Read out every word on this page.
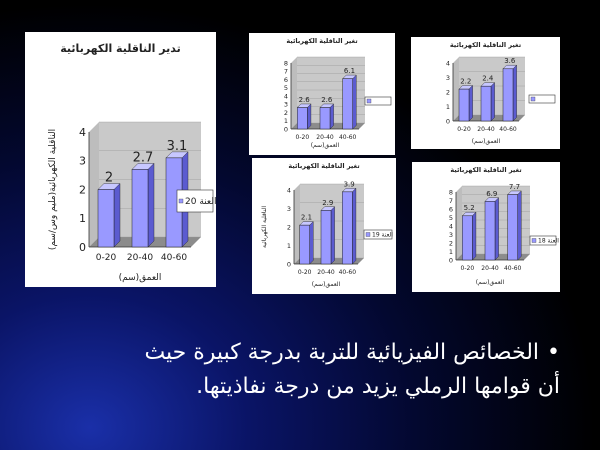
0
1
2
3
4
2
0-20
2.7
20-40
3.1
40-60
تدير الناقلية الكهربائية
الناقلية الكهربائية(مليم وس/سم)
العمق(سم)
العنة 20
0
1
2
3
4
5
6
7
8
2.6
0-20
2.6
20-40
6.1
40-60
تغير الناقلية الكهربائية
العمق(سم)
0
1
2
3
4
2.2
0-20
2.4
20-40
3.6
40-60
تغير الناقلية الكهربائية
العمق(سم)
0
1
2
3
4
2.1
0-20
2.9
20-40
3.9
40-60
تغير الناقلية الكهربائية
الناقلية الكهربائية
العمق(سم)
العنة 19
0
1
2
3
4
5
6
7
8
5.2
0-20
6.9
20-40
7.7
40-60
تغير الناقلية الكهربائية
العمق(سم)
العنة 18
•الخصائص الفيزيائية للتربة بدرجة كبيرة حيث
أن قوامها الرملي يزيد من درجة نفاذيتها.
